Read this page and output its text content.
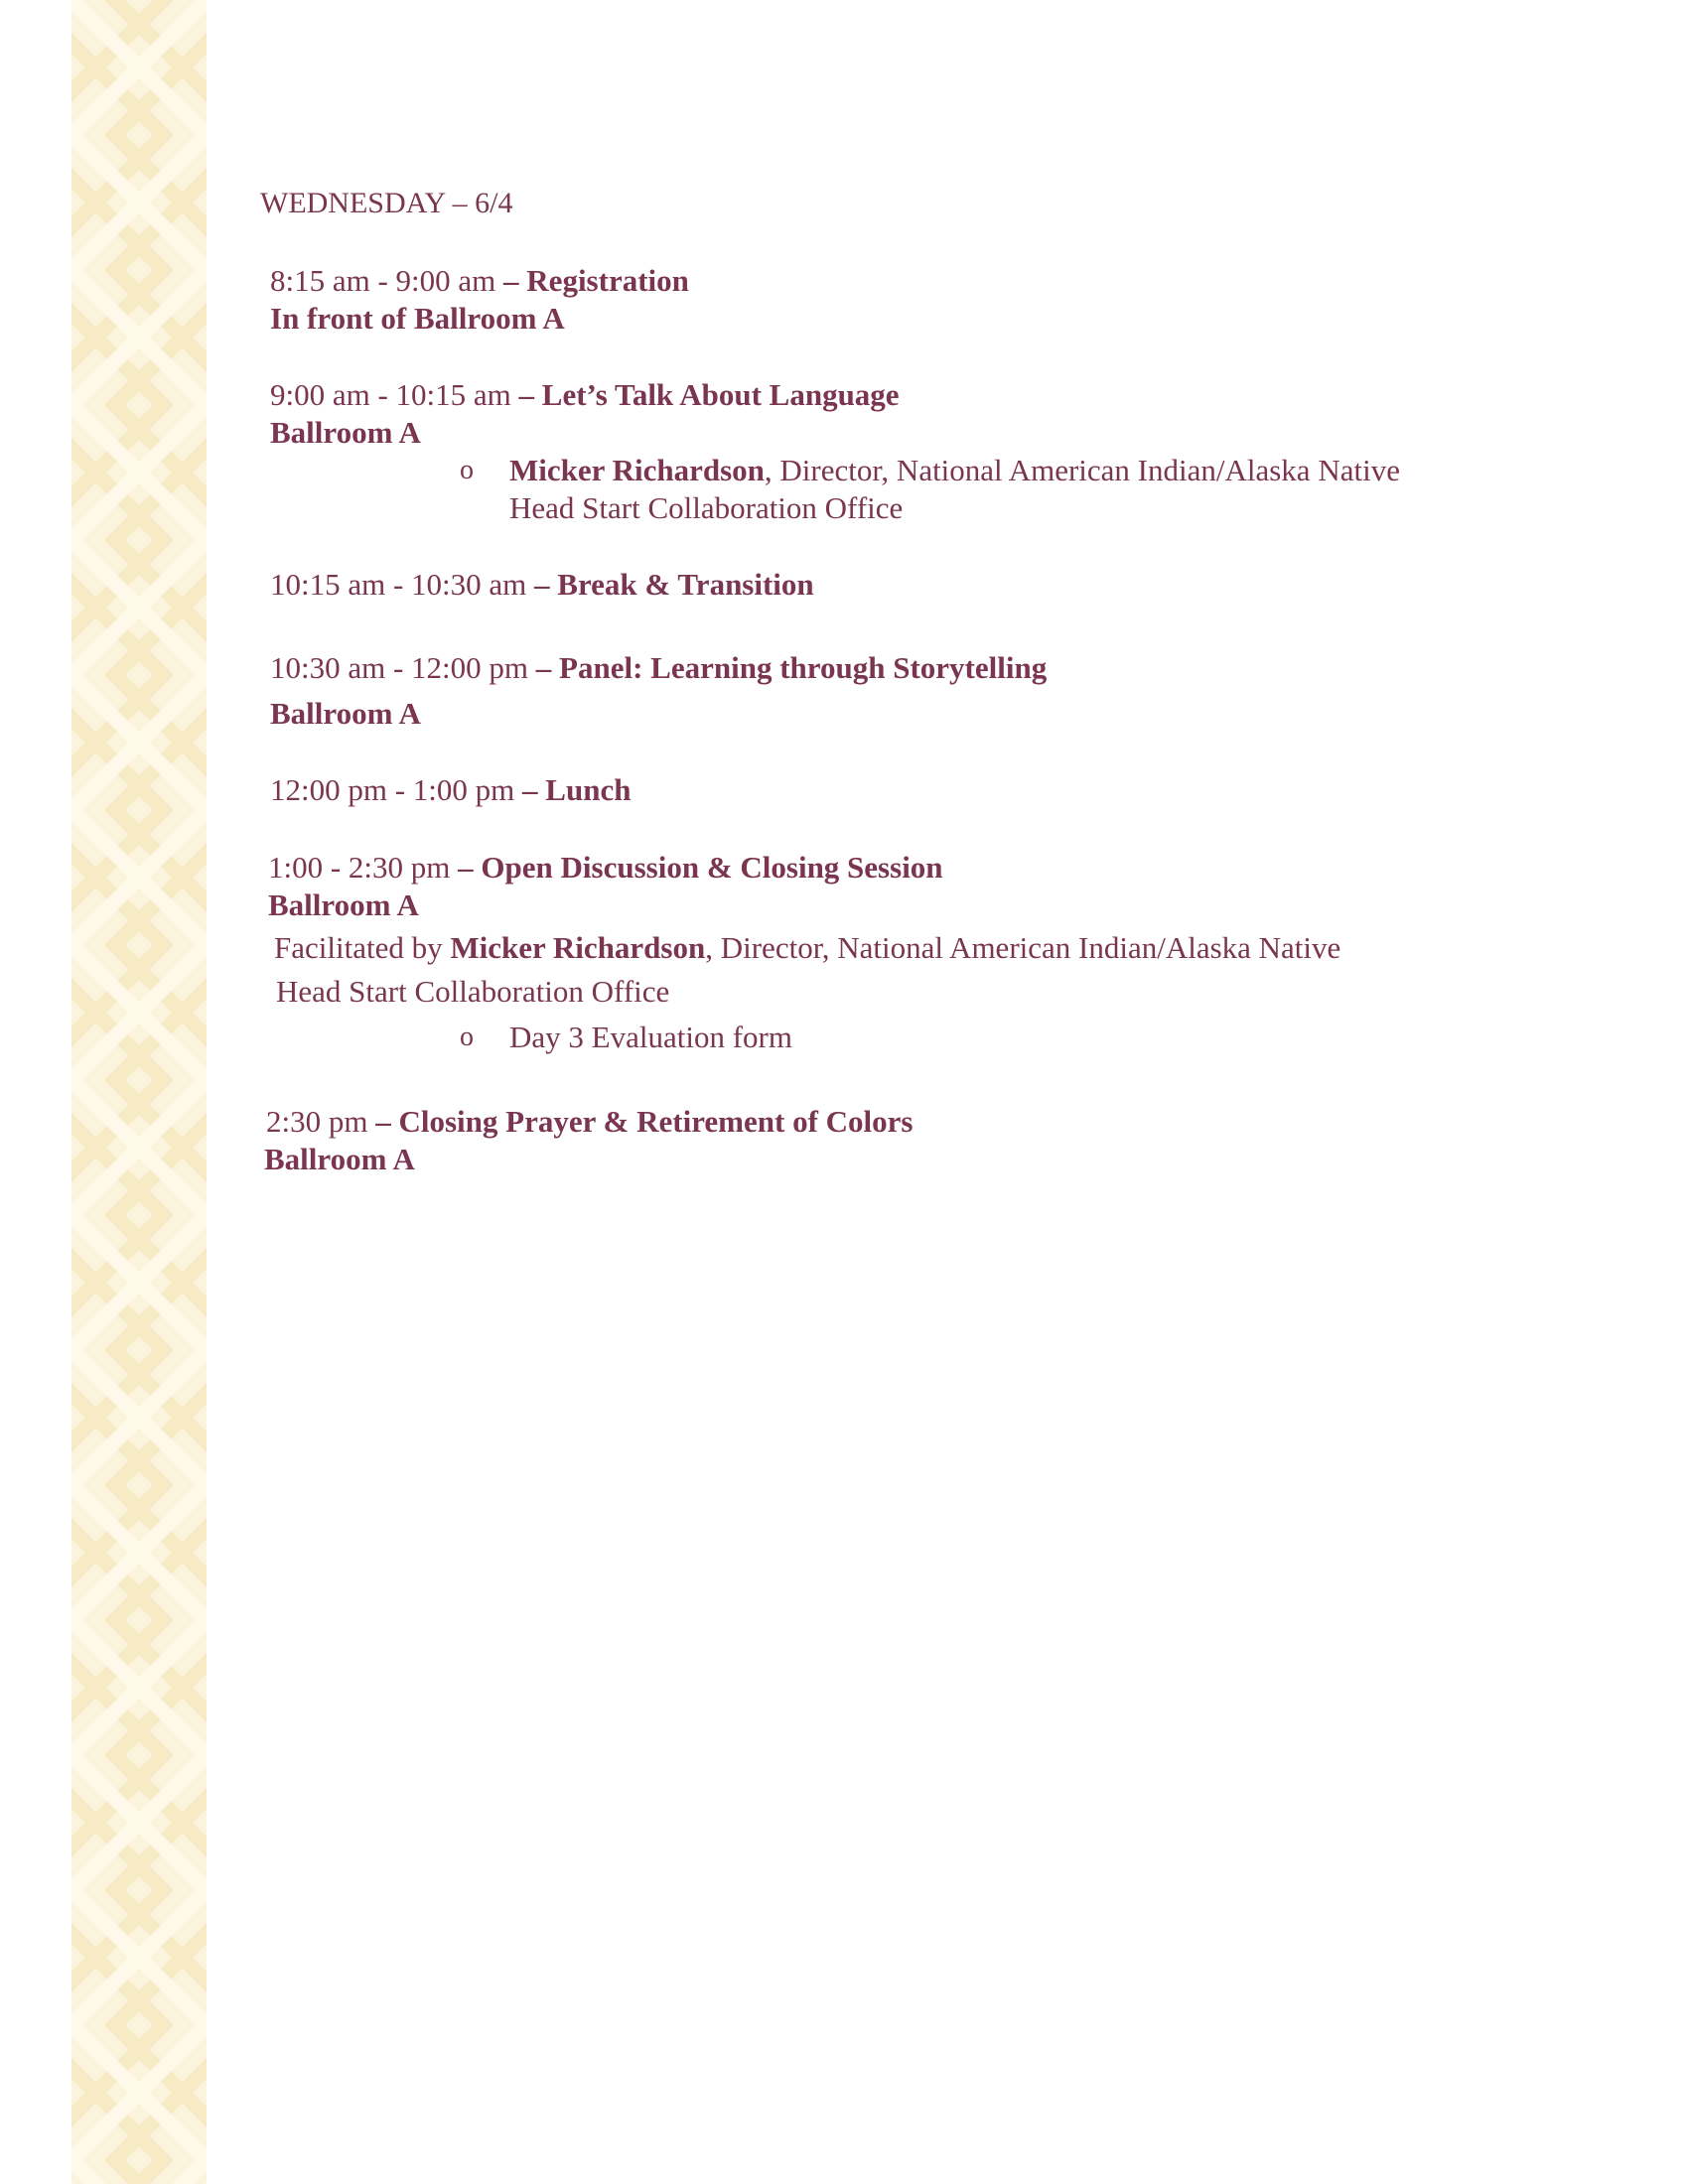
WEDNESDAY – 6/4
8:15 am - 9:00 am – Registration
In front of Ballroom A
9:00 am - 10:15 am – Let’s Talk About Language
Ballroom A
o Micker Richardson, Director, National American Indian/Alaska Native
Head Start Collaboration Office
10:15 am - 10:30 am – Break & Transition
10:30 am - 12:00 pm – Panel: Learning through Storytelling
Ballroom A
12:00 pm - 1:00 pm – Lunch
1:00 - 2:30 pm – Open Discussion & Closing Session
Ballroom A
Facilitated by Micker Richardson, Director, National American Indian/Alaska Native
Head Start Collaboration Office
o Day 3 Evaluation form
2:30 pm – Closing Prayer & Retirement of Colors
Ballroom A
